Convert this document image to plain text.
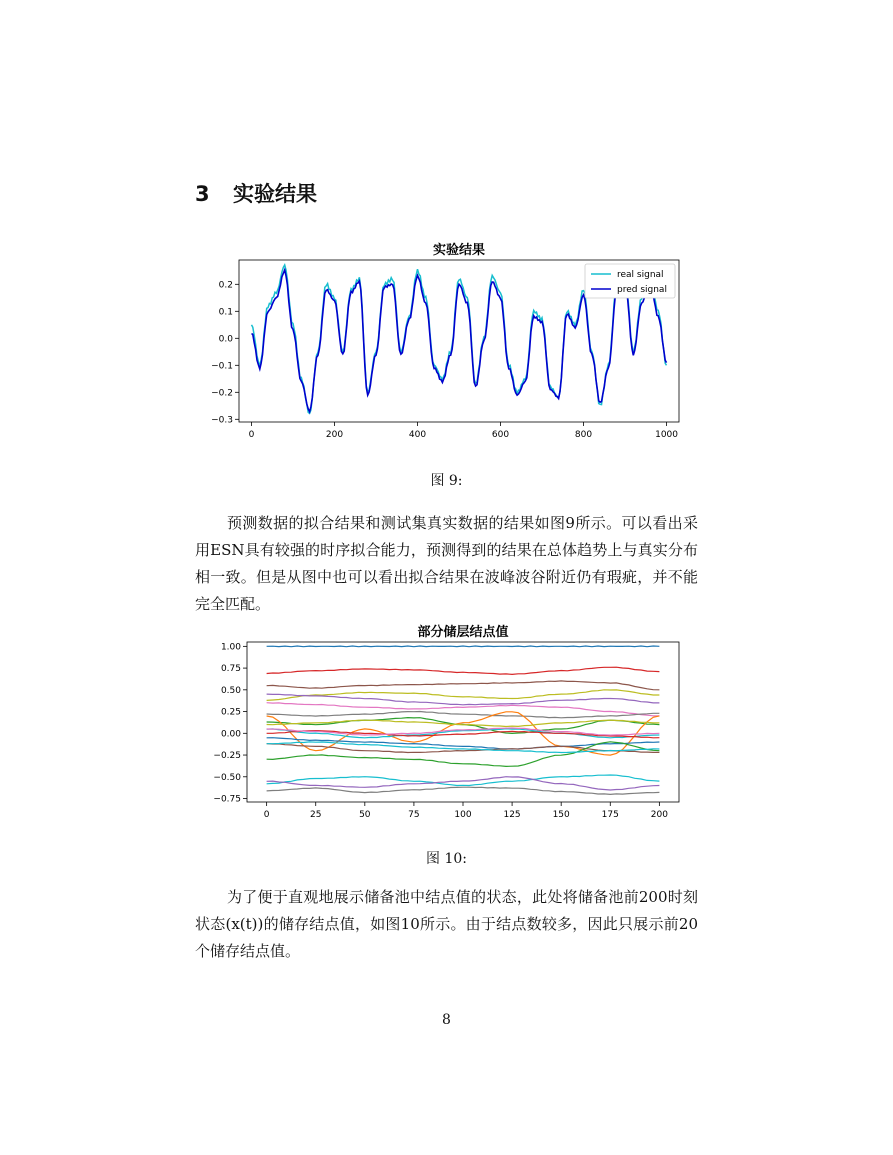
3 实验结果
实验结果
0	200	400	600	800	1000
0.2
0.1
0.0
−0.1
−0.2
−0.3
real signal
pred signal
图 9:

预测数据的拟合结果和测试集真实数据的结果如图9所示。可以看出采用ESN具有较强的时序拟合能力，预测得到的结果在总体趋势上与真实分布相一致。但是从图中也可以看出拟合结果在波峰波谷附近仍有瑕疵，并不能完全匹配。

部分储层结点值
0	25	50	75	100	125	150	175	200
1.00
0.75
0.50
0.25
0.00
−0.25
−0.50
−0.75
图 10:

为了便于直观地展示储备池中结点值的状态，此处将储备池前200时刻状态(x(t))的储存结点值，如图10所示。由于结点数较多，因此只展示前20个储存结点值。

8
